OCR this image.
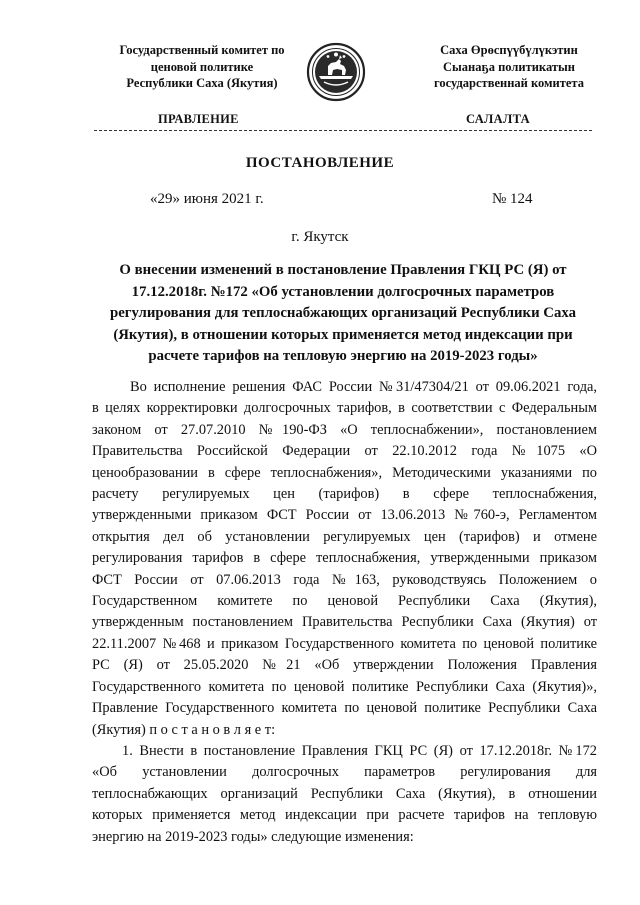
Государственный комитет по
ценовой политике
Республики Саха (Якутия)
Саха Өрөспүүбүлүкэтин
Сыанаҕа политикатын
государственнай комитета
ПРАВЛЕНИЕ	САЛАЛТА
ПОСТАНОВЛЕНИЕ
«29» июня 2021 г.	№ 124
г. Якутск
О внесении изменений в постановление Правления ГКЦ РС (Я) от
17.12.2018г. №172 «Об установлении долгосрочных параметров
регулирования для теплоснабжающих организаций Республики Саха
(Якутия), в отношении которых применяется метод индексации при
расчете тарифов на тепловую энергию на 2019-2023 годы»
Во исполнение решения ФАС России №31/47304/21 от 09.06.2021 года,
в целях корректировки долгосрочных тарифов, в соответствии с Федеральным
законом от 27.07.2010 №190-ФЗ «О теплоснабжении», постановлением
Правительства Российской Федерации от 22.10.2012 года №1075 «О
ценообразовании в сфере теплоснабжения», Методическими указаниями по
расчету регулируемых цен (тарифов) в сфере теплоснабжения,
утвержденными приказом ФСТ России от 13.06.2013 №760-э, Регламентом
открытия дел об установлении регулируемых цен (тарифов) и отмене
регулирования тарифов в сфере теплоснабжения, утвержденными приказом
ФСТ России от 07.06.2013 года №163, руководствуясь Положением о
Государственном комитете по ценовой Республики Саха (Якутия),
утвержденным постановлением Правительства Республики Саха (Якутия) от
22.11.2007 №468 и приказом Государственного комитета по ценовой политике
РС (Я) от 25.05.2020 №21 «Об утверждении Положения Правления
Государственного комитета по ценовой политике Республики Саха (Якутия)»,
Правление Государственного комитета по ценовой политике Республики Саха
(Якутия) п о с т а н о в л я е т:
1. Внести в постановление Правления ГКЦ РС (Я) от 17.12.2018г. №172
«Об установлении долгосрочных параметров регулирования для
теплоснабжающих организаций Республики Саха (Якутия), в отношении
которых применяется метод индексации при расчете тарифов на тепловую
энергию на 2019-2023 годы» следующие изменения:
